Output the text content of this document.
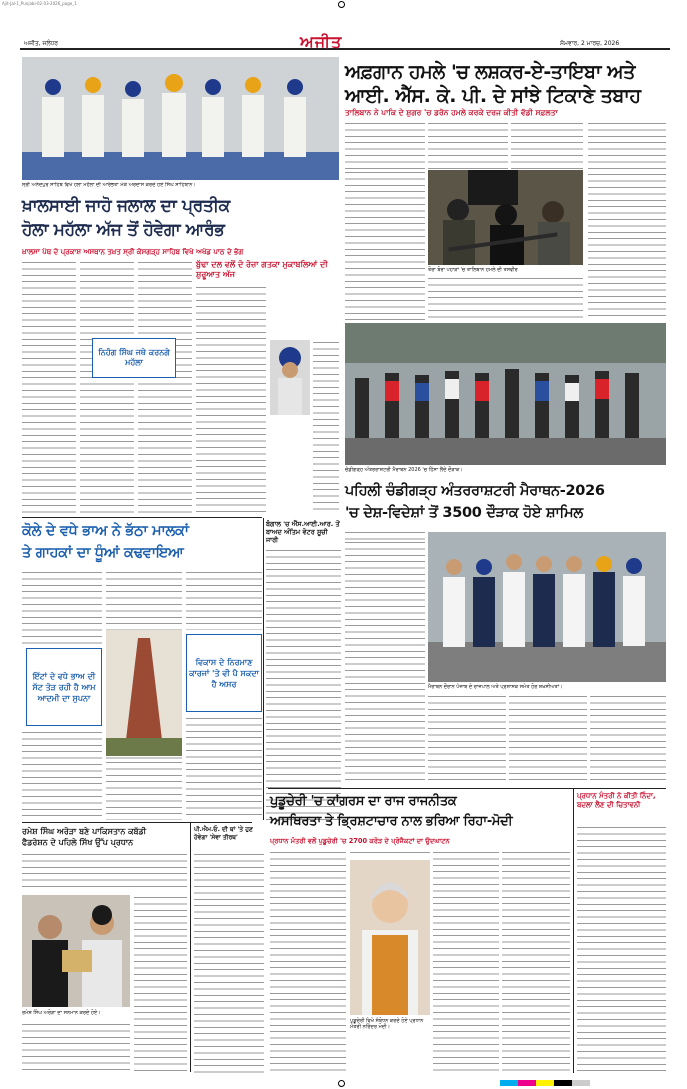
Ajit-Jal-1_Punjabi-02-03-2026_page_1
ਅਜੀਤ
ਅਜੀਤ, ਜਲੰਧਰ	ਸੋਮਵਾਰ, 2 ਮਾਰਚ, 2026
ਅਫ਼ਗਾਨ ਹਮਲੇ 'ਚ ਲਸ਼ਕਰ-ਏ-ਤਾਇਬਾ ਅਤੇ
ਆਈ. ਐੱਸ. ਕੇ. ਪੀ. ਦੇ ਸਾਂਝੇ ਟਿਕਾਣੇ ਤਬਾਹ
ਤਾਲਿਬਾਨ ਨੇ ਪਾਕਿ ਦੇ ਸ਼ੁਗਰ 'ਚ ਡਰੋਨ ਹਮਲੇ ਕਰਕੇ ਦਰਜ ਕੀਤੀ ਵੱਡੀ ਸਫ਼ਲਤਾ
ਤੋਰਾ ਬੋਰਾ ਪਹਾੜਾਂ 'ਚ ਤਾਲਿਬਾਨ ਹਮਲੇ ਦੀ ਤਸਵੀਰ
ਸ੍ਰੀ ਅਨੰਦਪੁਰ ਸਾਹਿਬ ਵਿਖੇ ਹੋਲਾ ਮਹੱਲਾ ਦੀ ਆਰੰਭਤਾ ਮੌਕੇ ਅਰਦਾਸ ਕਰਦੇ ਹੋਏ ਸਿੰਘ ਸਾਹਿਬਾਨ।
ਖ਼ਾਲਸਾਈ ਜਾਹੋ ਜਲਾਲ ਦਾ ਪ੍ਰਤੀਕ
ਹੋਲਾ ਮਹੱਲਾ ਅੱਜ ਤੋਂ ਹੋਵੇਗਾ ਆਰੰਭ
ਖ਼ਾਲਸਾ ਪੰਥ ਦੇ ਪ੍ਰਕਾਸ਼ ਅਸਥਾਨ ਤਖ਼ਤ ਸ੍ਰੀ ਕੇਸਗੜ੍ਹ ਸਾਹਿਬ ਵਿਖੇ ਅਖੰਡ ਪਾਠ ਦੇ ਭੋਗ
ਨਿਹੰਗ ਸਿੰਘ ਜਥੇ ਕਰਨਗੇ ਮਹੱਲਾ
ਬੁੱਢਾ ਦਲ ਵਲੋਂ ਦੋ ਰੋਜ਼ਾ ਗਤਕਾ ਮੁਕਾਬਲਿਆਂ ਦੀ ਸ਼ੁਰੂਆਤ ਅੱਜ
ਚੰਡੀਗੜ੍ਹ ਅੰਤਰਰਾਸ਼ਟਰੀ ਮੈਰਾਥਨ 2026 'ਚ ਹਿੱਸਾ ਲੈਂਦੇ ਦੌੜਾਕ।
ਪਹਿਲੀ ਚੰਡੀਗੜ੍ਹ ਅੰਤਰਰਾਸ਼ਟਰੀ ਮੈਰਾਥਨ-2026
'ਚ ਦੇਸ਼-ਵਿਦੇਸ਼ਾਂ ਤੋਂ 3500 ਦੌੜਾਕ ਹੋਏ ਸ਼ਾਮਿਲ
ਮੈਰਾਥਨ ਦੌਰਾਨ ਪੰਜਾਬ ਦੇ ਰਾਜਪਾਲ ਅਤੇ ਪ੍ਰਸ਼ਾਸਕ ਸਮੇਤ ਹੋਰ ਸ਼ਖ਼ਸੀਅਤਾਂ।
ਕੋਲੇ ਦੇ ਵਧੇ ਭਾਅ ਨੇ ਭੱਠਾ ਮਾਲਕਾਂ
ਤੇ ਗਾਹਕਾਂ ਦਾ ਧੂੰਆਂ ਕਢਵਾਇਆ
ਇੱਟਾਂ ਦੇ ਵਧੇ ਭਾਅ ਦੀ ਸੱਟ ਤੋੜ ਰਹੀ ਹੈ ਆਮ ਆਦਮੀ ਦਾ ਸੁਪਨਾ
ਵਿਕਾਸ ਦੇ ਨਿਰਮਾਣ ਕਾਰਜਾਂ 'ਤੇ ਵੀ ਪੈ ਸਕਦਾ ਹੈ ਅਸਰ
ਬੰਗਾਲ 'ਚ ਐੱਸ.ਆਈ.ਆਰ. ਤੋਂ ਬਾਅਦ ਅੰਤਿਮ ਵੋਟਰ ਸੂਚੀ ਜਾਰੀ
ਰਮੇਸ਼ ਸਿੰਘ ਅਰੋੜਾ ਬਣੇ ਪਾਕਿਸਤਾਨ ਕਬੱਡੀ
ਫੈਡਰੇਸ਼ਨ ਦੇ ਪਹਿਲੇ ਸਿੱਖ ਉੱਪ ਪ੍ਰਧਾਨ
ਰਮੇਸ਼ ਸਿੰਘ ਅਰੋੜਾ ਦਾ ਸਨਮਾਨ ਕਰਦੇ ਹੋਏ।
ਪੀ.ਐਮ.ਓ. ਦੀ ਥਾਂ 'ਤੇ ਹੁਣ ਹੋਵੇਗਾ 'ਸੇਵਾ ਤੀਰਥ'
ਪੁਡੂਚੇਰੀ 'ਚ ਕਾਂਗਰਸ ਦਾ ਰਾਜ ਰਾਜਨੀਤਕ
ਅਸਥਿਰਤਾ ਤੇ ਭ੍ਰਿਸ਼ਟਾਚਾਰ ਨਾਲ ਭਰਿਆ ਰਿਹਾ-ਮੋਦੀ
ਪ੍ਰਧਾਨ ਮੰਤਰੀ ਵਲੋਂ ਪੁਡੂਚੇਰੀ 'ਚ 2700 ਕਰੋੜ ਦੇ ਪ੍ਰੋਜੈਕਟਾਂ ਦਾ ਉਦਘਾਟਨ
ਪੁਡੂਚੇਰੀ ਵਿਖੇ ਸੰਬੋਧਨ ਕਰਦੇ ਹੋਏ ਪ੍ਰਧਾਨ ਮੰਤਰੀ ਨਰਿੰਦਰ ਮੋਦੀ।
ਪ੍ਰਧਾਨ ਮੰਤਰੀ ਨੇ ਕੀਤੀ ਨਿੰਦਾ, ਬਦਲਾ ਲੈਣ ਦੀ ਚਿਤਾਵਨੀ
